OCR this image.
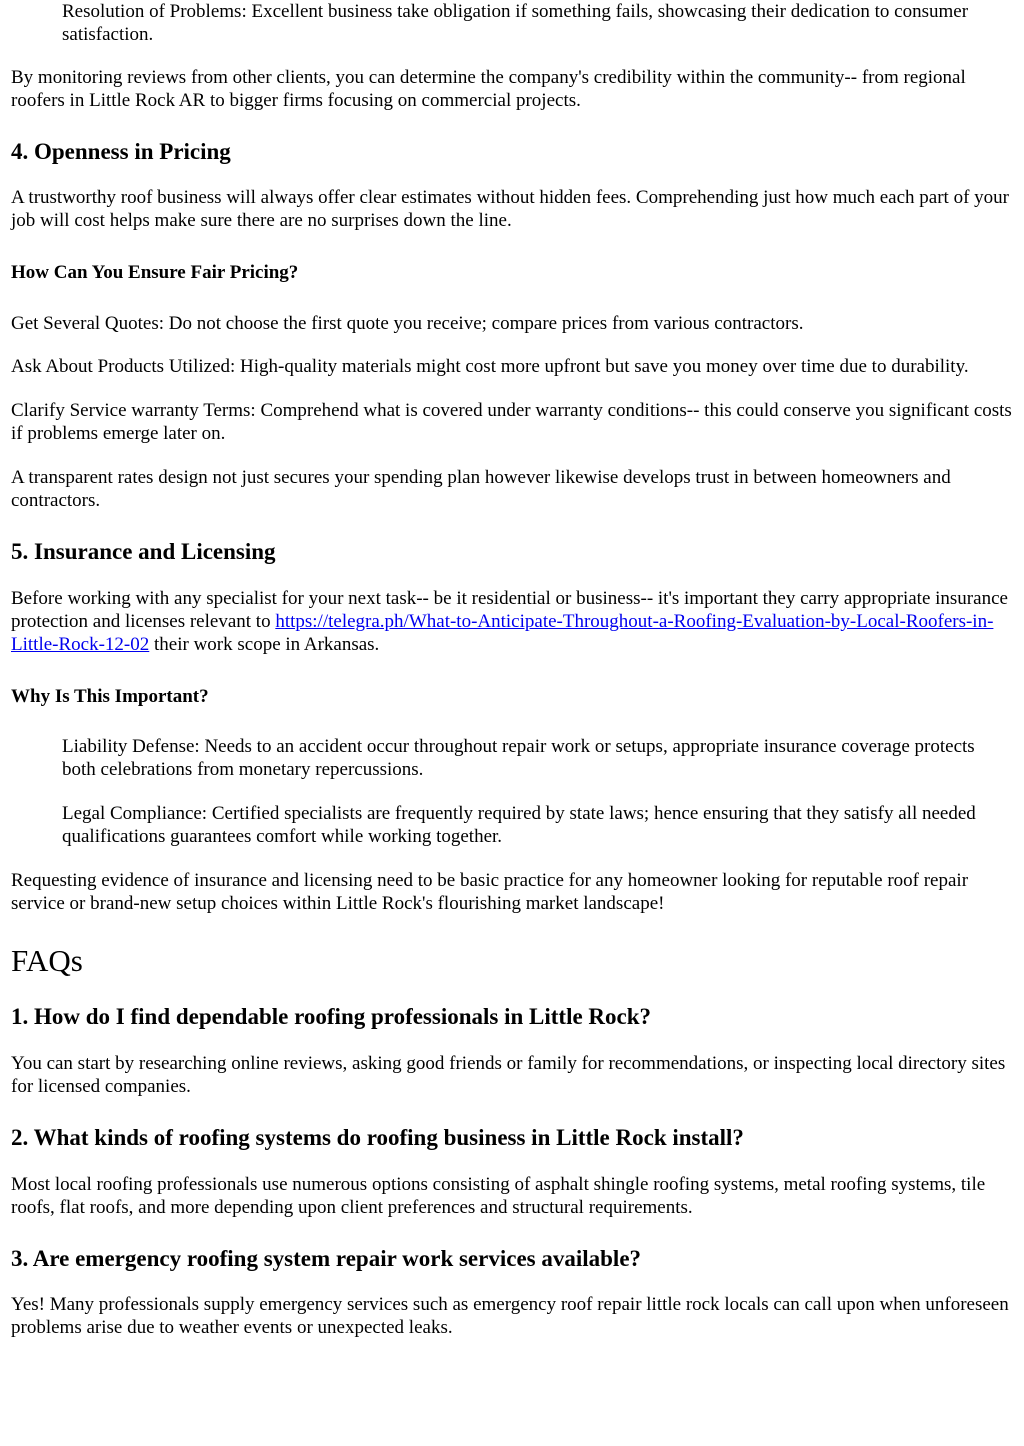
Resolution of Problems: Excellent business take obligation if something fails, showcasing their dedication to consumer satisfaction.

By monitoring reviews from other clients, you can determine the company's credibility within the community-- from regional roofers in Little Rock AR to bigger firms focusing on commercial projects.

4. Openness in Pricing

A trustworthy roof business will always offer clear estimates without hidden fees. Comprehending just how much each part of your job will cost helps make sure there are no surprises down the line.

How Can You Ensure Fair Pricing?

Get Several Quotes: Do not choose the first quote you receive; compare prices from various contractors.

Ask About Products Utilized: High-quality materials might cost more upfront but save you money over time due to durability.

Clarify Service warranty Terms: Comprehend what is covered under warranty conditions-- this could conserve you significant costs if problems emerge later on.

A transparent rates design not just secures your spending plan however likewise develops trust in between homeowners and contractors.

5. Insurance and Licensing

Before working with any specialist for your next task-- be it residential or business-- it's important they carry appropriate insurance protection and licenses relevant to https://telegra.ph/What-to-Anticipate-Throughout-a-Roofing-Evaluation-by-Local-Roofers-in-Little-Rock-12-02 their work scope in Arkansas.

Why Is This Important?

Liability Defense: Needs to an accident occur throughout repair work or setups, appropriate insurance coverage protects both celebrations from monetary repercussions.

Legal Compliance: Certified specialists are frequently required by state laws; hence ensuring that they satisfy all needed qualifications guarantees comfort while working together.

Requesting evidence of insurance and licensing need to be basic practice for any homeowner looking for reputable roof repair service or brand-new setup choices within Little Rock's flourishing market landscape!

FAQs
1. How do I find dependable roofing professionals in Little Rock?

You can start by researching online reviews, asking good friends or family for recommendations, or inspecting local directory sites for licensed companies.

2. What kinds of roofing systems do roofing business in Little Rock install?

Most local roofing professionals use numerous options consisting of asphalt shingle roofing systems, metal roofing systems, tile roofs, flat roofs, and more depending upon client preferences and structural requirements.

3. Are emergency roofing system repair work services available?

Yes! Many professionals supply emergency services such as emergency roof repair little rock locals can call upon when unforeseen problems arise due to weather events or unexpected leaks.
